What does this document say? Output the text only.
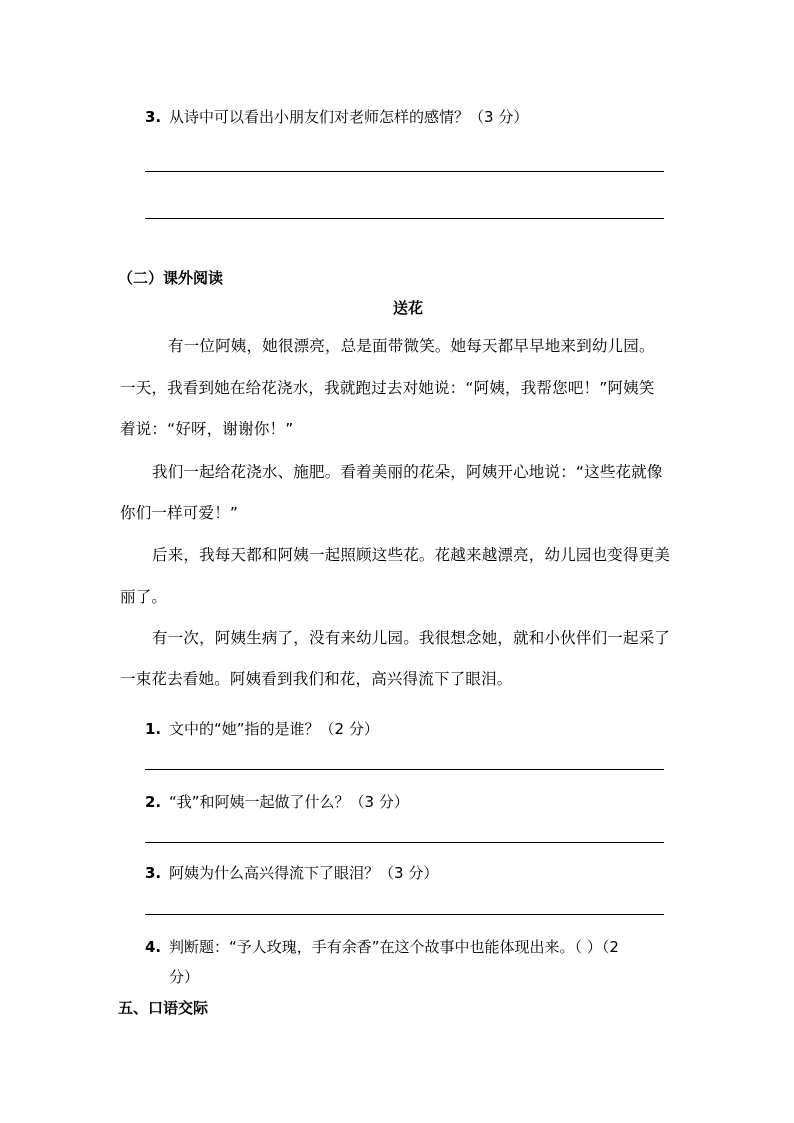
3. 从诗中可以看出小朋友们对老师怎样的感情？（3 分）
（二）课外阅读
送花
有一位阿姨，她很漂亮，总是面带微笑。她每天都早早地来到幼儿园。
一天，我看到她在给花浇水，我就跑过去对她说：“阿姨，我帮您吧！”阿姨笑
着说：“好呀，谢谢你！”
我们一起给花浇水、施肥。看着美丽的花朵，阿姨开心地说：“这些花就像
你们一样可爱！”
后来，我每天都和阿姨一起照顾这些花。花越来越漂亮，幼儿园也变得更美
丽了。
有一次，阿姨生病了，没有来幼儿园。我很想念她，就和小伙伴们一起采了
一束花去看她。阿姨看到我们和花，高兴得流下了眼泪。
1. 文中的“她”指的是谁？（2 分）
2. “我”和阿姨一起做了什么？（3 分）
3. 阿姨为什么高兴得流下了眼泪？（3 分）
4. 判断题：“予人玫瑰，手有余香”在这个故事中也能体现出来。（ ）（2
分）
五、口语交际
